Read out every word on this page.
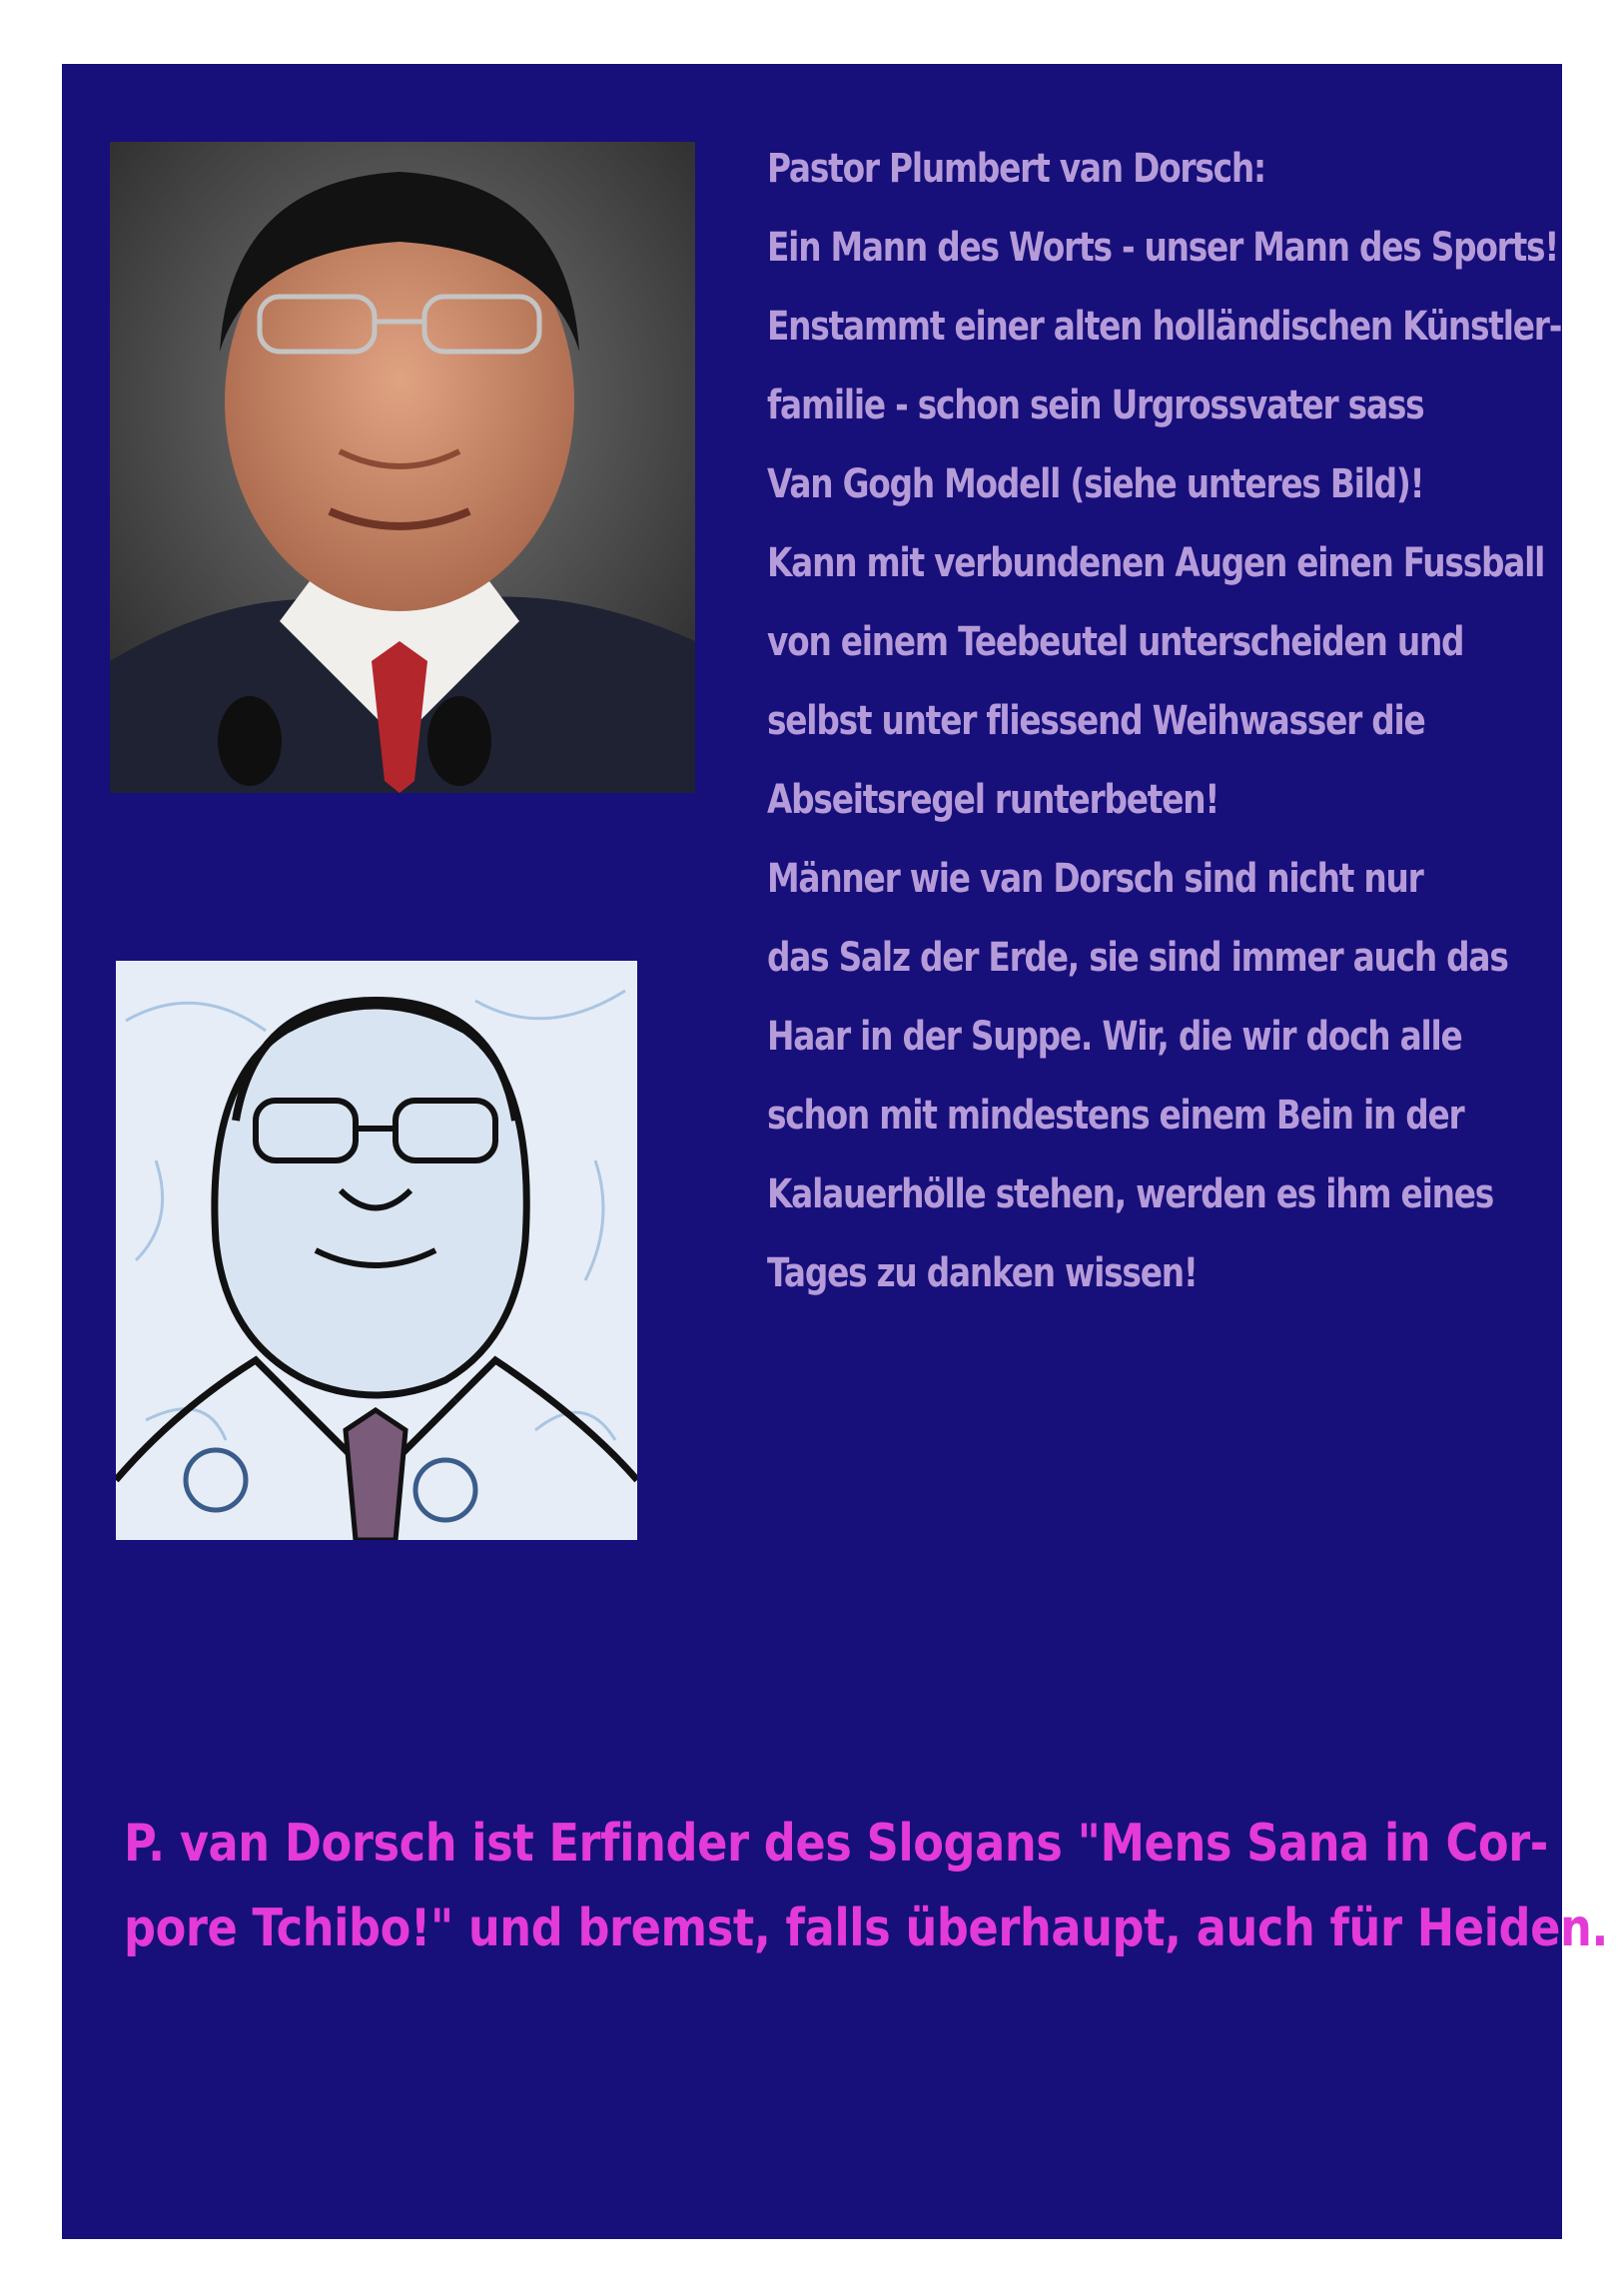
Pastor Plumbert van Dorsch:
Ein Mann des Worts - unser Mann des Sports!
Enstammt einer alten holländischen Künstler-
familie - schon sein Urgrossvater sass
Van Gogh Modell (siehe unteres Bild)!
Kann mit verbundenen Augen einen Fussball
von einem Teebeutel unterscheiden und
selbst unter fliessend Weihwasser die
Abseitsregel runterbeten!
Männer wie van Dorsch sind nicht nur
das Salz der Erde, sie sind immer auch das
Haar in der Suppe. Wir, die wir doch alle
schon mit mindestens einem Bein in der
Kalauerhölle stehen, werden es ihm eines
Tages zu danken wissen!
P. van Dorsch ist Erfinder des Slogans "Mens Sana in Cor-
pore Tchibo!" und bremst, falls überhaupt, auch für Heiden.
